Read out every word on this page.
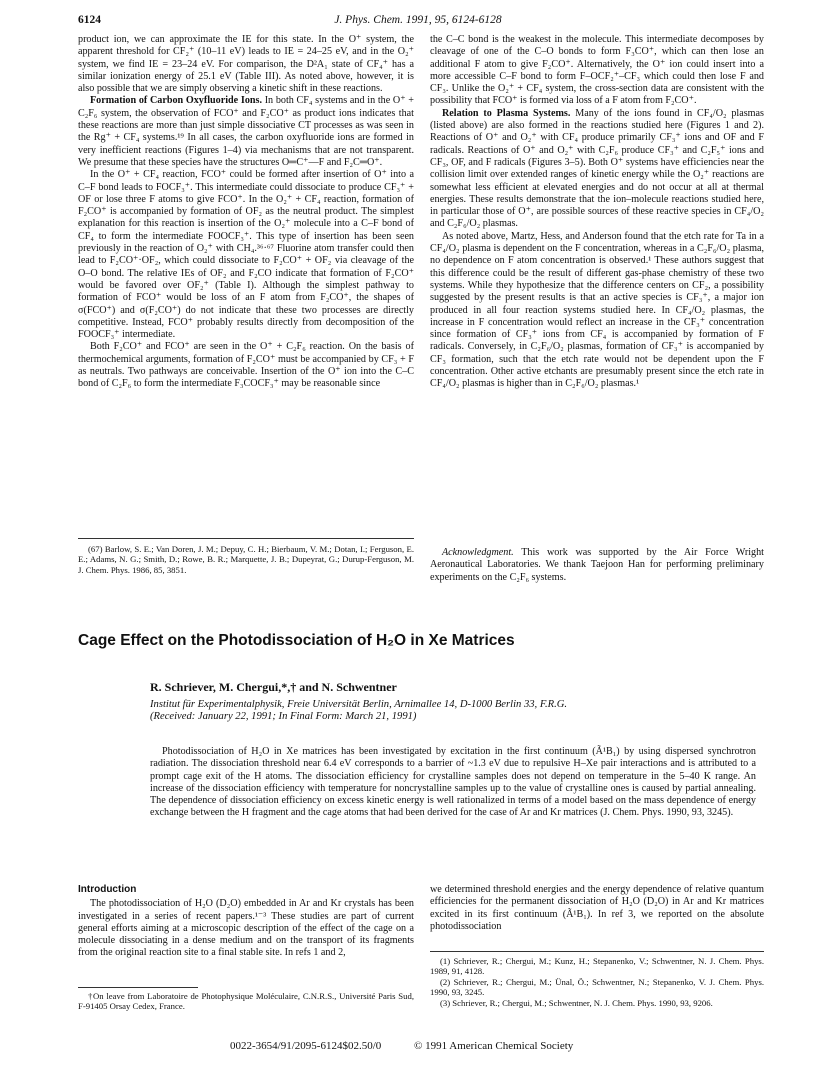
6124	J. Phys. Chem. 1991, 95, 6124-6128

product ion, we can approximate the IE for this state. In the O⁺ system, the apparent threshold for CF₂⁺ (10–11 eV) leads to IE = 24–25 eV, and in the O₂⁺ system, we find IE = 23–24 eV. For comparison, the D²A₁ state of CF₄⁺ has a similar ionization energy of 25.1 eV (Table III). As noted above, however, it is also possible that we are simply observing a kinetic shift in these reactions.

Formation of Carbon Oxyfluoride Ions. In both CF₄ systems and in the O⁺ + C₂F₆ system, the observation of FCO⁺ and F₂CO⁺ as product ions indicates that these reactions are more than just simple dissociative CT processes as was seen in the Rg⁺ + CF₄ systems.¹⁹ In all cases, the carbon oxyfluoride ions are formed in very inefficient reactions (Figures 1–4) via mechanisms that are not transparent. We presume that these species have the structures O═C⁺—F and F₂C═O⁺.

In the O⁺ + CF₄ reaction, FCO⁺ could be formed after insertion of O⁺ into a C–F bond leads to FOCF₃⁺. This intermediate could dissociate to produce CF₃⁺ + OF or lose three F atoms to give FCO⁺. In the O₂⁺ + CF₄ reaction, formation of F₂CO⁺ is accompanied by formation of OF₂ as the neutral product. The simplest explanation for this reaction is insertion of the O₂⁺ molecule into a C–F bond of CF₄ to form the intermediate FOOCF₃⁺. This type of insertion has been seen previously in the reaction of O₂⁺ with CH₄.³⁶·⁶⁷ Fluorine atom transfer could then lead to F₂CO⁺·OF₂, which could dissociate to F₂CO⁺ + OF₂ via cleavage of the O–O bond. The relative IEs of OF₂ and F₂CO indicate that formation of F₂CO⁺ would be favored over OF₂⁺ (Table I). Although the simplest pathway to formation of FCO⁺ would be loss of an F atom from F₂CO⁺, the shapes of σ(FCO⁺) and σ(F₂CO⁺) do not indicate that these two processes are directly competitive. Instead, FCO⁺ probably results directly from decomposition of the FOOCF₃⁺ intermediate.

Both F₂CO⁺ and FCO⁺ are seen in the O⁺ + C₂F₆ reaction. On the basis of thermochemical arguments, formation of F₂CO⁺ must be accompanied by CF₃ + F as neutrals. Two pathways are conceivable. Insertion of the O⁺ ion into the C–C bond of C₂F₆ to form the intermediate F₃COCF₃⁺ may be reasonable since

the C–C bond is the weakest in the molecule. This intermediate decomposes by cleavage of one of the C–O bonds to form F₃CO⁺, which can then lose an additional F atom to give F₂CO⁺. Alternatively, the O⁺ ion could insert into a more accessible C–F bond to form F–OCF₂⁺–CF₃ which could then lose F and CF₃. Unlike the O₂⁺ + CF₄ system, the cross-section data are consistent with the possibility that FCO⁺ is formed via loss of a F atom from F₂CO⁺.

Relation to Plasma Systems. Many of the ions found in CF₄/O₂ plasmas (listed above) are also formed in the reactions studied here (Figures 1 and 2). Reactions of O⁺ and O₂⁺ with CF₄ produce primarily CF₃⁺ ions and OF and F radicals. Reactions of O⁺ and O₂⁺ with C₂F₆ produce CF₃⁺ and C₂F₅⁺ ions and CF₃, OF, and F radicals (Figures 3–5). Both O⁺ systems have efficiencies near the collision limit over extended ranges of kinetic energy while the O₂⁺ reactions are somewhat less efficient at elevated energies and do not occur at all at thermal energies. These results demonstrate that the ion–molecule reactions studied here, in particular those of O⁺, are possible sources of these reactive species in CF₄/O₂ and C₂F₆/O₂ plasmas.

As noted above, Martz, Hess, and Anderson found that the etch rate for Ta in a CF₄/O₂ plasma is dependent on the F concentration, whereas in a C₂F₆/O₂ plasma, no dependence on F atom concentration is observed.¹ These authors suggest that this difference could be the result of different gas-phase chemistry of these two systems. While they hypothesize that the difference centers on CF₂, a possibility suggested by the present results is that an active species is CF₃⁺, a major ion produced in all four reaction systems studied here. In CF₄/O₂ plasmas, the increase in F concentration would reflect an increase in the CF₃⁺ concentration since formation of CF₃⁺ ions from CF₄ is accompanied by formation of F radicals. Conversely, in C₂F₆/O₂ plasmas, formation of CF₃⁺ is accompanied by CF₃ formation, such that the etch rate would not be dependent upon the F concentration. Other active etchants are presumably present since the etch rate in CF₄/O₂ plasmas is higher than in C₂F₆/O₂ plasmas.¹

(67) Barlow, S. E.; Van Doren, J. M.; Depuy, C. H.; Bierbaum, V. M.; Dotan, I.; Ferguson, E. E.; Adams, N. G.; Smith, D.; Rowe, B. R.; Marquette, J. B.; Dupeyrat, G.; Durup-Ferguson, M. J. Chem. Phys. 1986, 85, 3851.

Acknowledgment. This work was supported by the Air Force Wright Aeronautical Laboratories. We thank Taejoon Han for performing preliminary experiments on the C₂F₆ systems.

Cage Effect on the Photodissociation of H₂O in Xe Matrices
R. Schriever, M. Chergui,*,† and N. Schwentner
Institut für Experimentalphysik, Freie Universität Berlin, Arnimallee 14, D-1000 Berlin 33, F.R.G.
(Received: January 22, 1991; In Final Form: March 21, 1991)

Photodissociation of H₂O in Xe matrices has been investigated by excitation in the first continuum (Ã¹B₁) by using dispersed synchrotron radiation. The dissociation threshold near 6.4 eV corresponds to a barrier of ~1.3 eV due to repulsive H–Xe pair interactions and is attributed to a prompt cage exit of the H atoms. The dissociation efficiency for crystalline samples does not depend on temperature in the 5–40 K range. An increase of the dissociation efficiency with temperature for noncrystalline samples up to the value of crystalline ones is caused by partial annealing. The dependence of dissociation efficiency on excess kinetic energy is well rationalized in terms of a model based on the mass dependence of energy exchange between the H fragment and the cage atoms that had been derived for the case of Ar and Kr matrices (J. Chem. Phys. 1990, 93, 3245).

Introduction

The photodissociation of H₂O (D₂O) embedded in Ar and Kr crystals has been investigated in a series of recent papers.¹⁻³ These studies are part of current general efforts aiming at a microscopic description of the effect of the cage on a molecule dissociating in a dense medium and on the transport of its fragments from the original reaction site to a final stable site. In refs 1 and 2,

†On leave from Laboratoire de Photophysique Moléculaire, C.N.R.S., Université Paris Sud, F-91405 Orsay Cedex, France.

we determined threshold energies and the energy dependence of relative quantum efficiencies for the permanent dissociation of H₂O (D₂O) in Ar and Kr matrices excited in its first continuum (Ã¹B₁). In ref 3, we reported on the absolute photodissociation

(1) Schriever, R.; Chergui, M.; Kunz, H.; Stepanenko, V.; Schwentner, N. J. Chem. Phys. 1989, 91, 4128.

(2) Schriever, R.; Chergui, M.; Ünal, Ö.; Schwentner, N.; Stepanenko, V. J. Chem. Phys. 1990, 93, 3245.

(3) Schriever, R.; Chergui, M.; Schwentner, N. J. Chem. Phys. 1990, 93, 9206.

0022-3654/91/2095-6124$02.50/0	© 1991 American Chemical Society
